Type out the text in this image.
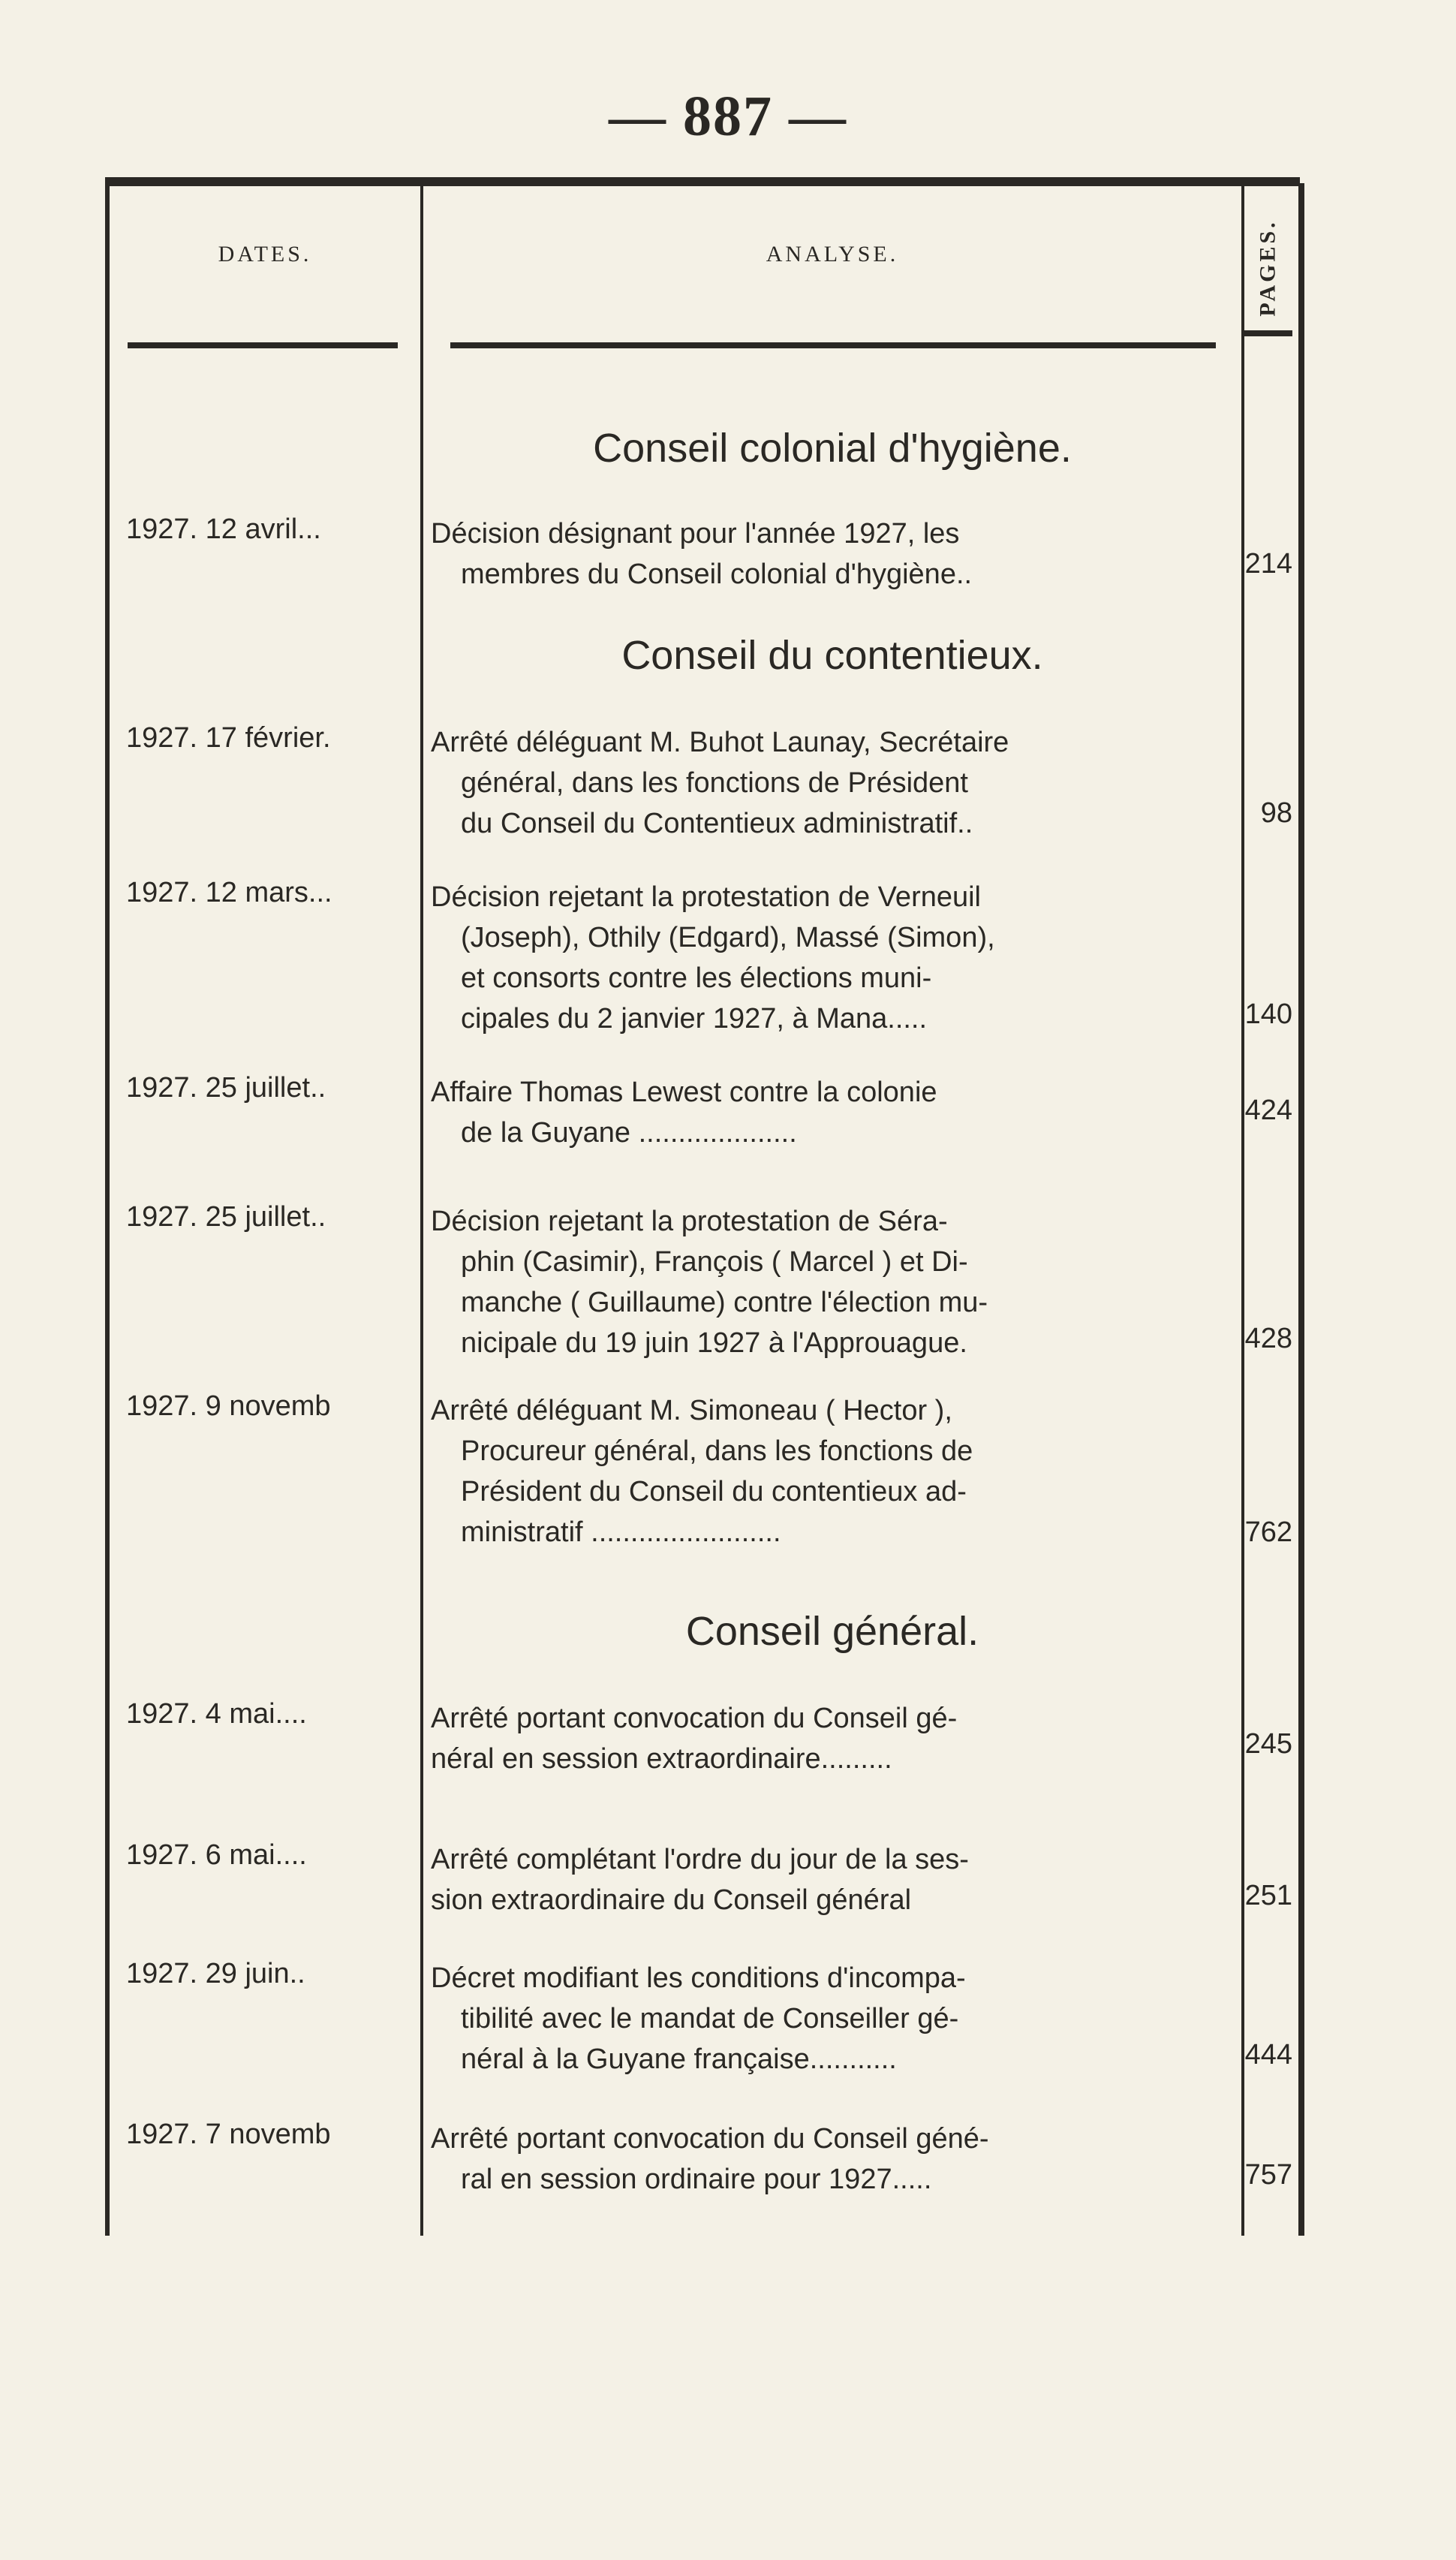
— 887 —
DATES.	ANALYSE.	PAGES.
Conseil colonial d'hygiène.
1927. 12 avril...	Décision désignant pour l'année 1927, les
membres du Conseil colonial d'hygiène..	214
Conseil du contentieux.
1927. 17 février.	Arrêté déléguant M. Buhot Launay, Secrétaire
général, dans les fonctions de Président
du Conseil du Contentieux administratif..	98
1927. 12 mars...	Décision rejetant la protestation de Verneuil
(Joseph), Othily (Edgard), Massé (Simon),
et consorts contre les élections muni-
cipales du 2 janvier 1927, à Mana.....	140
1927. 25 juillet..	Affaire Thomas Lewest contre la colonie
de la Guyane ....................
424
1927. 25 juillet..	Décision rejetant la protestation de Séra-
phin (Casimir), François ( Marcel ) et Di-
manche ( Guillaume) contre l'élection mu-
nicipale du 19 juin 1927 à l'Approuague.	428
1927. 9 novemb	Arrêté déléguant M. Simoneau ( Hector ),
Procureur général, dans les fonctions de
Président du Conseil du contentieux ad-
ministratif ........................	762
Conseil général.
1927. 4 mai....	Arrêté portant convocation du Conseil gé-
néral en session extraordinaire.........	245
1927. 6 mai....	Arrêté complétant l'ordre du jour de la ses-
sion extraordinaire du Conseil général	251
1927. 29 juin..	Décret modifiant les conditions d'incompa-
tibilité avec le mandat de Conseiller gé-
néral à la Guyane française...........	444
1927. 7 novemb	Arrêté portant convocation du Conseil géné-
ral en session ordinaire pour 1927.....	757
